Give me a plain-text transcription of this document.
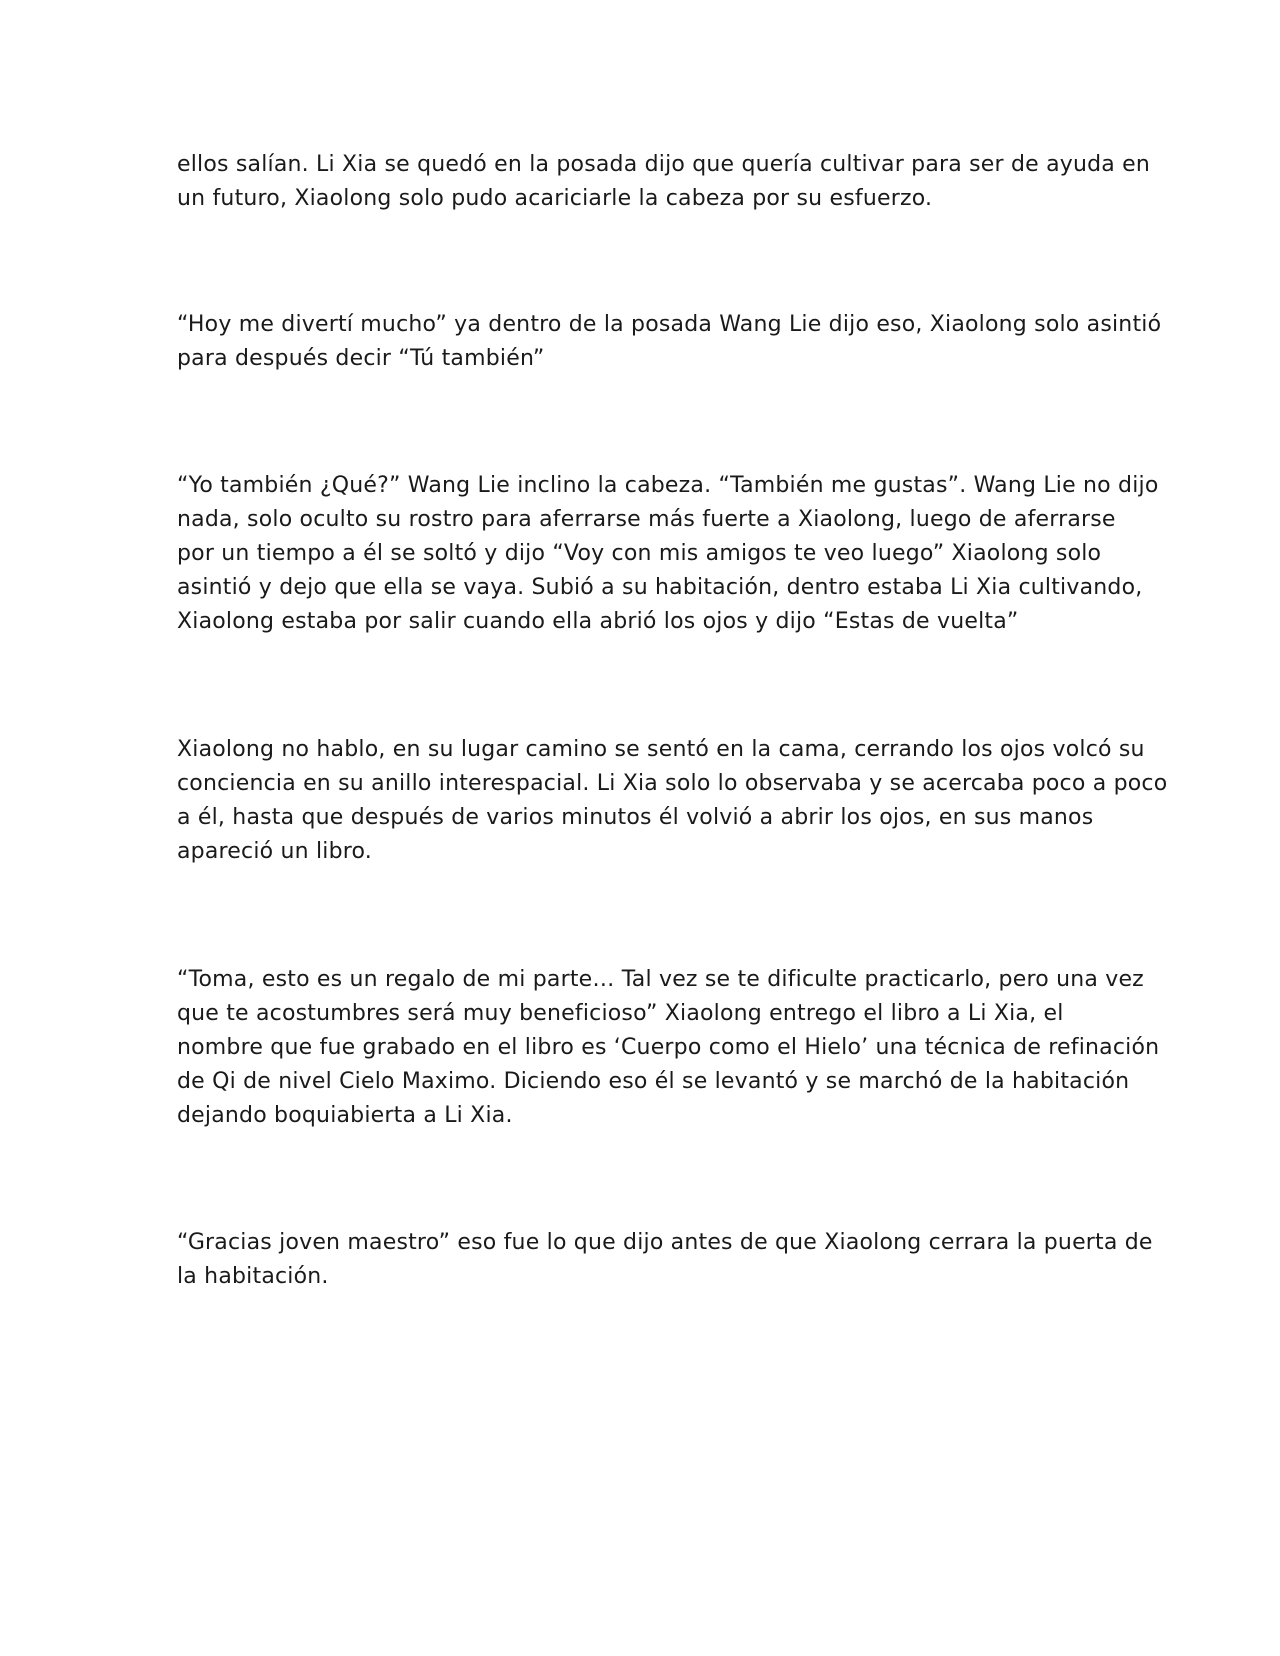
ellos salían. Li Xia se quedó en la posada dijo que quería cultivar para ser de ayuda en
un futuro, Xiaolong solo pudo acariciarle la cabeza por su esfuerzo.

“Hoy me divertí mucho” ya dentro de la posada Wang Lie dijo eso, Xiaolong solo asintió
para después decir “Tú también”

“Yo también ¿Qué?” Wang Lie inclino la cabeza. “También me gustas”. Wang Lie no dijo
nada, solo oculto su rostro para aferrarse más fuerte a Xiaolong, luego de aferrarse
por un tiempo a él se soltó y dijo “Voy con mis amigos te veo luego” Xiaolong solo
asintió y dejo que ella se vaya. Subió a su habitación, dentro estaba Li Xia cultivando,
Xiaolong estaba por salir cuando ella abrió los ojos y dijo “Estas de vuelta”

Xiaolong no hablo, en su lugar camino se sentó en la cama, cerrando los ojos volcó su
conciencia en su anillo interespacial. Li Xia solo lo observaba y se acercaba poco a poco
a él, hasta que después de varios minutos él volvió a abrir los ojos, en sus manos
apareció un libro.

“Toma, esto es un regalo de mi parte… Tal vez se te dificulte practicarlo, pero una vez
que te acostumbres será muy beneficioso” Xiaolong entrego el libro a Li Xia, el
nombre que fue grabado en el libro es ‘Cuerpo como el Hielo’ una técnica de refinación
de Qi de nivel Cielo Maximo. Diciendo eso él se levantó y se marchó de la habitación
dejando boquiabierta a Li Xia.

“Gracias joven maestro” eso fue lo que dijo antes de que Xiaolong cerrara la puerta de
la habitación.
